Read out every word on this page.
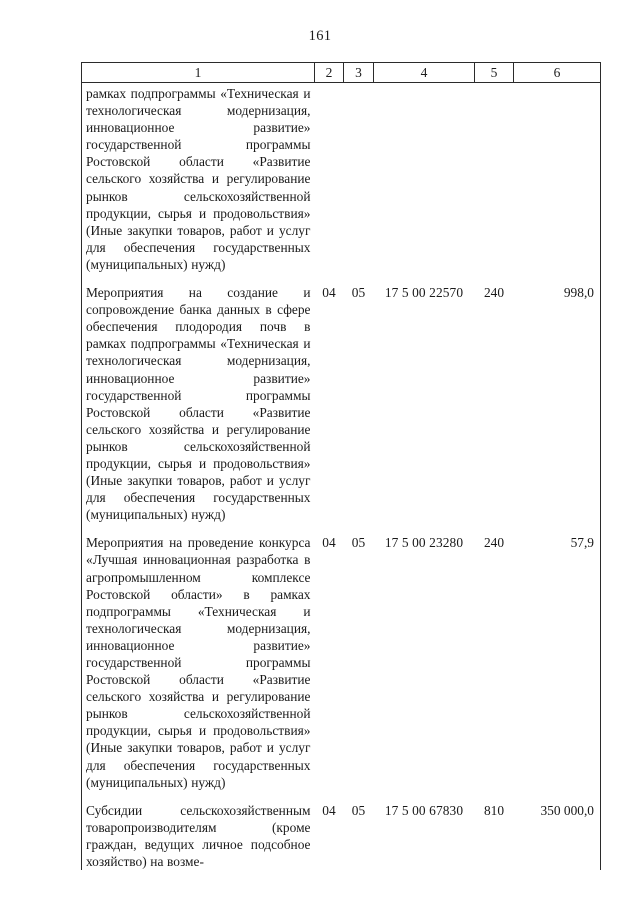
161
1	2	3	4	5	6

рамках подпрограммы «Техническая и технологическая модернизация, инновационное развитие» государственной программы Ростовской области «Развитие сельского хозяйства и регулирование рынков сельскохозяйственной продукции, сырья и продовольствия» (Иные закупки товаров, работ и услуг для обеспечения государственных (муниципальных) нужд)					

Мероприятия на создание и сопровождение банка данных в сфере обеспечения плодородия почв в рамках подпрограммы «Техническая и технологическая модернизация, инновационное развитие» государственной программы Ростовской области «Развитие сельского хозяйства и регулирование рынков сельскохозяйственной продукции, сырья и продовольствия» (Иные закупки товаров, работ и услуг для обеспечения государственных (муниципальных) нужд)	04	05	17 5 00 22570	240	998,0

Мероприятия на проведение конкурса «Лучшая инновационная разработка в агропромышленном комплексе Ростовской области» в рамках подпрограммы «Техническая и технологическая модернизация, инновационное развитие» государственной программы Ростовской области «Развитие сельского хозяйства и регулирование рынков сельскохозяйственной продукции, сырья и продовольствия» (Иные закупки товаров, работ и услуг для обеспечения государственных (муниципальных) нужд)	04	05	17 5 00 23280	240	57,9

Субсидии сельскохозяйственным товаропроизводителям (кроме граждан, ведущих личное подсобное хозяйство) на возме-	04	05	17 5 00 67830	810	350 000,0
